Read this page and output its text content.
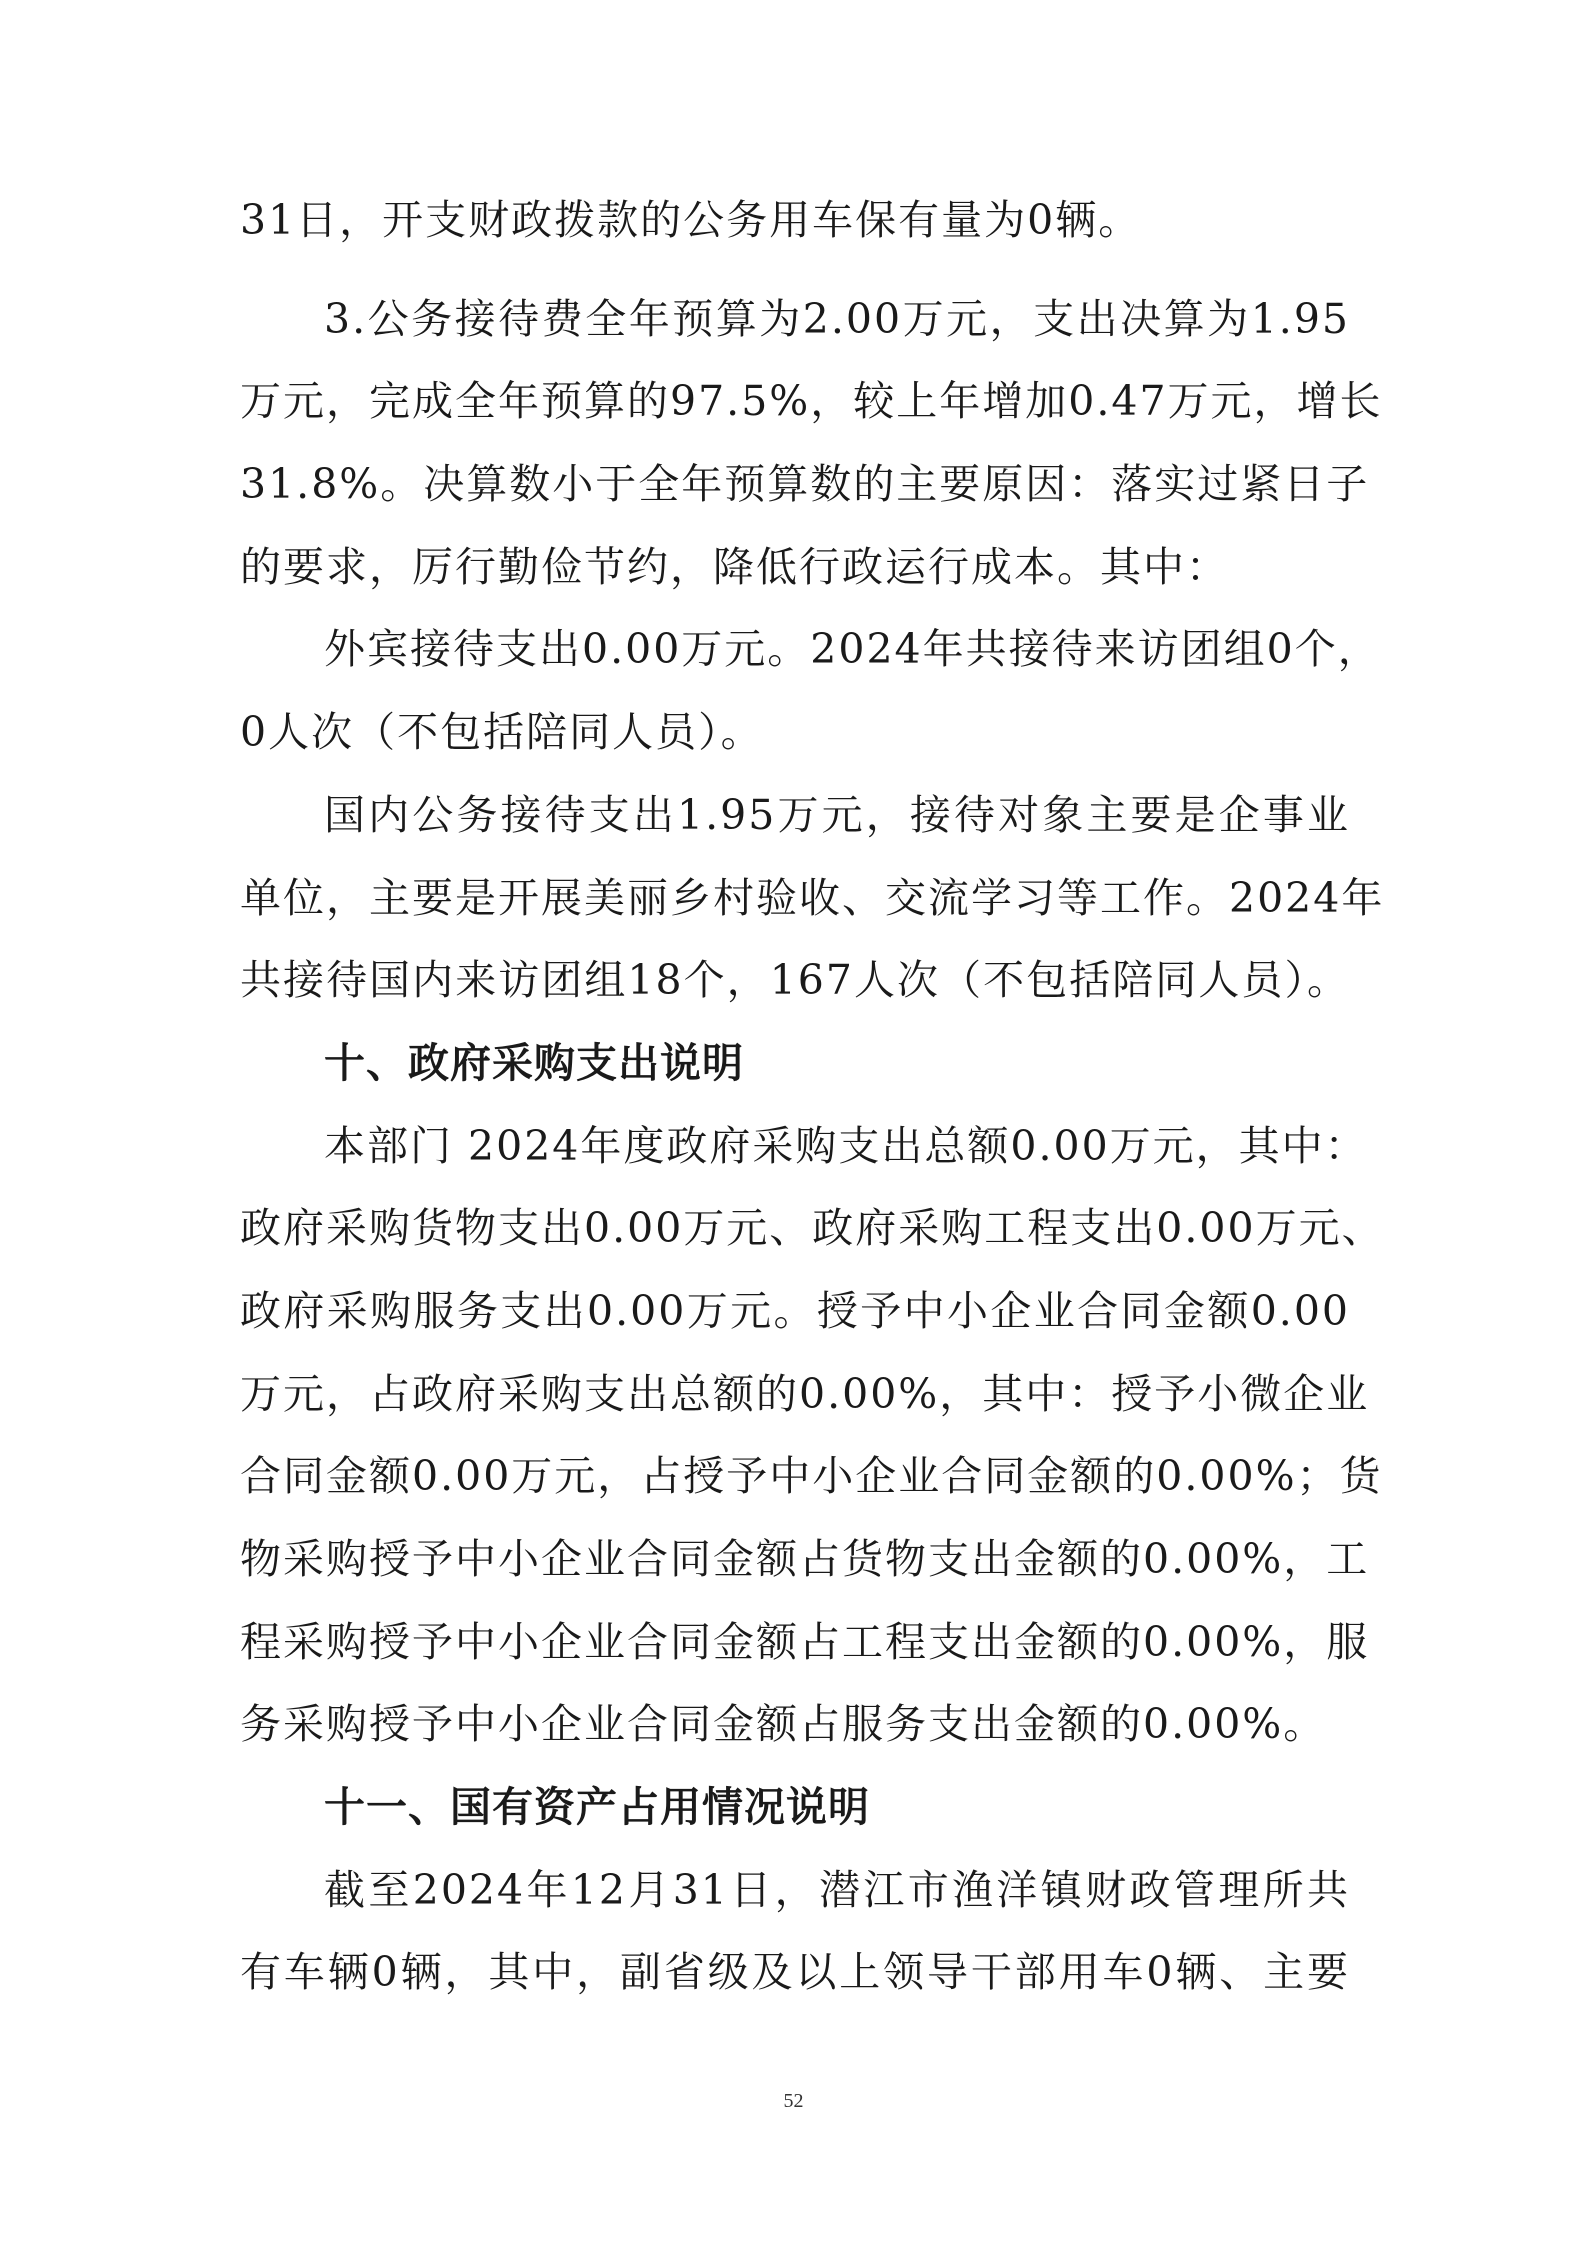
31日，开支财政拨款的公务用车保有量为0辆。
3.公务接待费全年预算为2.00万元，支出决算为1.95
万元，完成全年预算的97.5%，较上年增加0.47万元，增长
31.8%。决算数小于全年预算数的主要原因：落实过紧日子
的要求，厉行勤俭节约，降低行政运行成本。其中：
外宾接待支出0.00万元。2024年共接待来访团组0个，
0人次（不包括陪同人员）。
国内公务接待支出1.95万元，接待对象主要是企事业
单位，主要是开展美丽乡村验收、交流学习等工作。2024年
共接待国内来访团组18个，167人次（不包括陪同人员）。
十、政府采购支出说明
本部门 2024年度政府采购支出总额0.00万元，其中：
政府采购货物支出0.00万元、政府采购工程支出0.00万元、
政府采购服务支出0.00万元。授予中小企业合同金额0.00
万元，占政府采购支出总额的0.00%，其中：授予小微企业
合同金额0.00万元，占授予中小企业合同金额的0.00%；货
物采购授予中小企业合同金额占货物支出金额的0.00%，工
程采购授予中小企业合同金额占工程支出金额的0.00%，服
务采购授予中小企业合同金额占服务支出金额的0.00%。
十一、国有资产占用情况说明
截至2024年12月31日，潜江市渔洋镇财政管理所共
有车辆0辆，其中，副省级及以上领导干部用车0辆、主要
52
